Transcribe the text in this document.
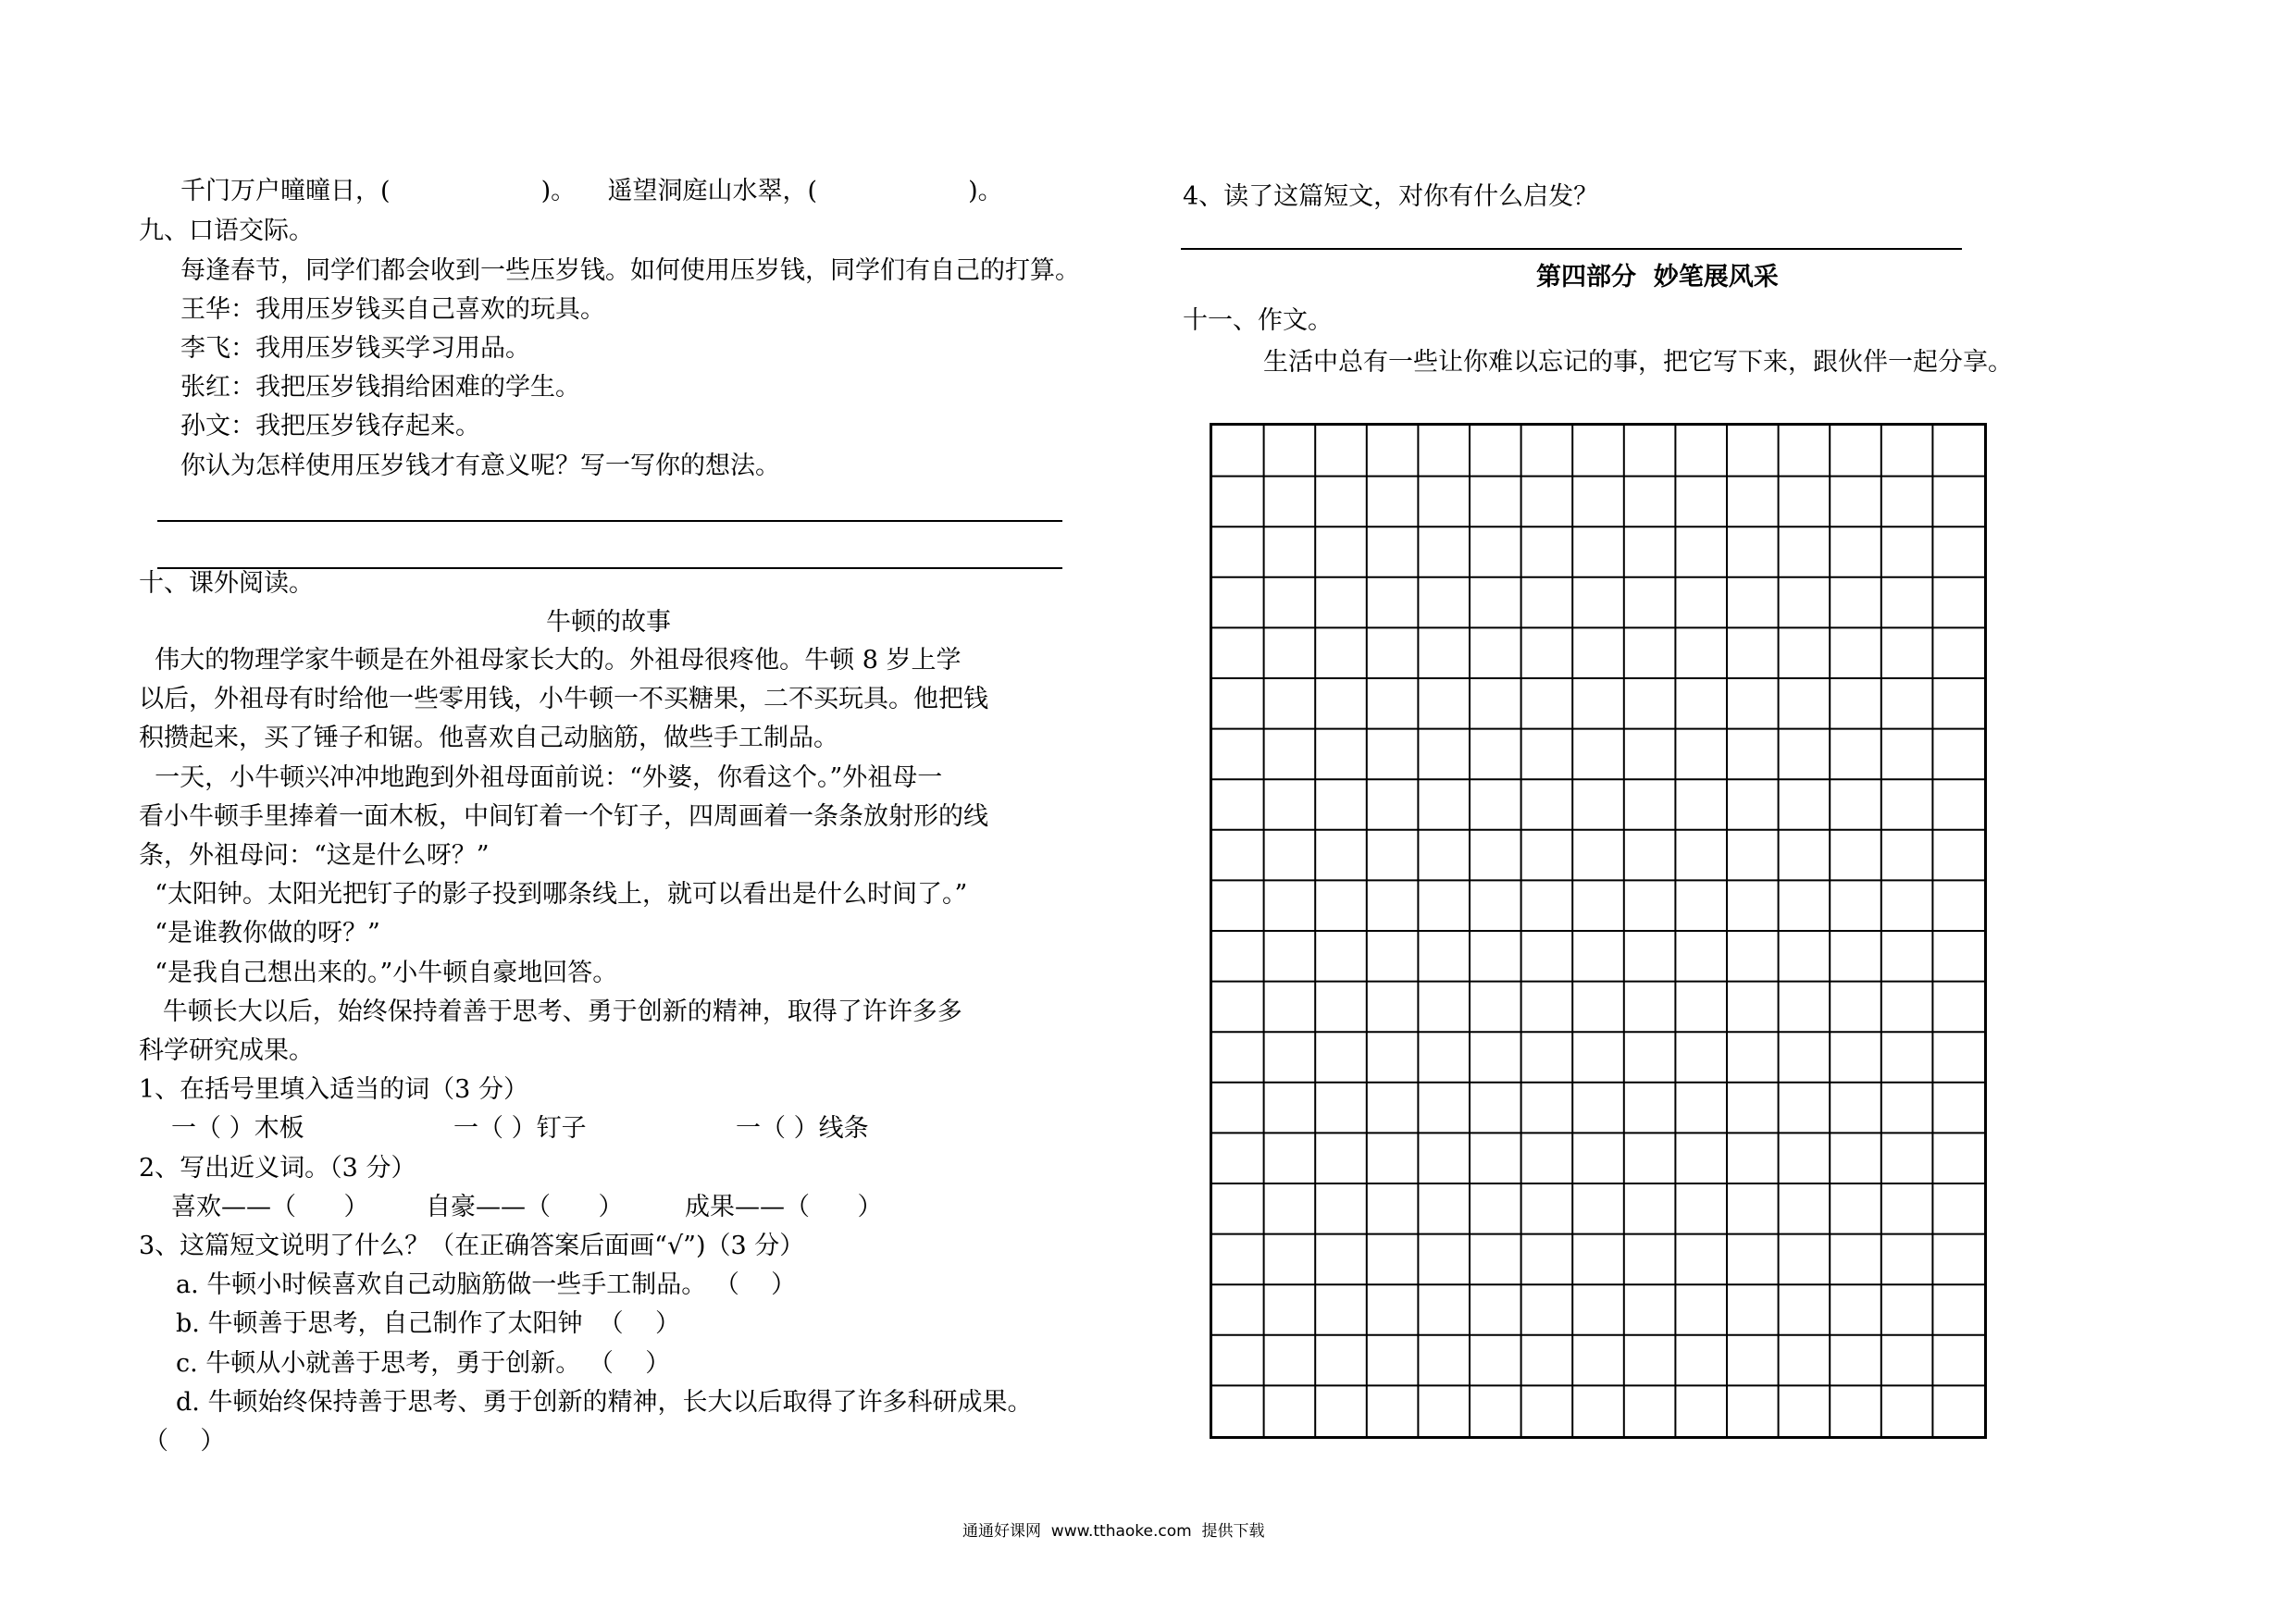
千门万户曈曈日，(                   )。    遥望洞庭山水翠，(                   )。
九、口语交际。
每逢春节，同学们都会收到一些压岁钱。如何使用压岁钱，同学们有自己的打算。
王华：我用压岁钱买自己喜欢的玩具。
李飞：我用压岁钱买学习用品。
张红：我把压岁钱捐给困难的学生。
孙文：我把压岁钱存起来。
你认为怎样使用压岁钱才有意义呢？写一写你的想法。
十、课外阅读。
牛顿的故事
伟大的物理学家牛顿是在外祖母家长大的。外祖母很疼他。牛顿 8 岁上学
以后，外祖母有时给他一些零用钱，小牛顿一不买糖果，二不买玩具。他把钱
积攒起来，买了锤子和锯。他喜欢自己动脑筋，做些手工制品。
一天，小牛顿兴冲冲地跑到外祖母面前说：“外婆，你看这个。”外祖母一
看小牛顿手里捧着一面木板，中间钉着一个钉子，四周画着一条条放射形的线
条，外祖母问：“这是什么呀？”
“太阳钟。太阳光把钉子的影子投到哪条线上，就可以看出是什么时间了。”
“是谁教你做的呀？”
“是我自己想出来的。”小牛顿自豪地回答。
牛顿长大以后，始终保持着善于思考、勇于创新的精神，取得了许许多多
科学研究成果。
1、在括号里填入适当的词（3 分）
一（ ）木板	一（ ）钉子	一（ ）线条
2、写出近义词。（3 分）
喜欢——（      ） 自豪——（      ） 成果——（      ）
3、这篇短文说明了什么？（在正确答案后面画“√”)（3 分）
a. 牛顿小时候喜欢自己动脑筋做一些手工制品。 （    ）
b. 牛顿善于思考，自己制作了太阳钟  （    ）
c. 牛顿从小就善于思考，勇于创新。 （    ）
d. 牛顿始终保持善于思考、勇于创新的精神，长大以后取得了许多科研成果。
（    ）
4、读了这篇短文，对你有什么启发？
第四部分  妙笔展风采
十一、作文。
生活中总有一些让你难以忘记的事，把它写下来，跟伙伴一起分享。
通通好课网  www.tthaoke.com  提供下载
